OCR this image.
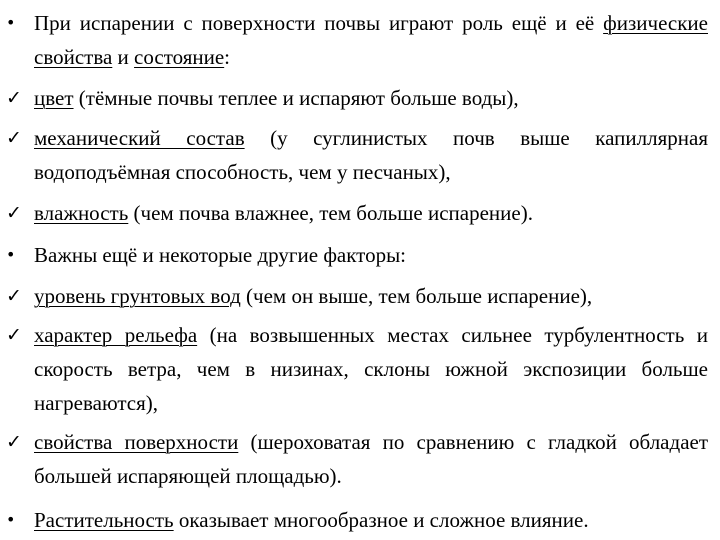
• При испарении с поверхности почвы играют роль ещё и её физические свойства и состояние:
✓ цвет (тёмные почвы теплее и испаряют больше воды),
✓ механический состав (у суглинистых почв выше капиллярная водоподъёмная способность, чем у песчаных),
✓ влажность (чем почва влажнее, тем больше испарение).
• Важны ещё и некоторые другие факторы:
✓ уровень грунтовых вод (чем он выше, тем больше испарение),
✓ характер рельефа (на возвышенных местах сильнее турбулентность и скорость ветра, чем в низинах, склоны южной экспозиции больше нагреваются),
✓ свойства поверхности (шероховатая по сравнению с гладкой обладает большей испаряющей площадью).
• Растительность оказывает многообразное и сложное влияние.
